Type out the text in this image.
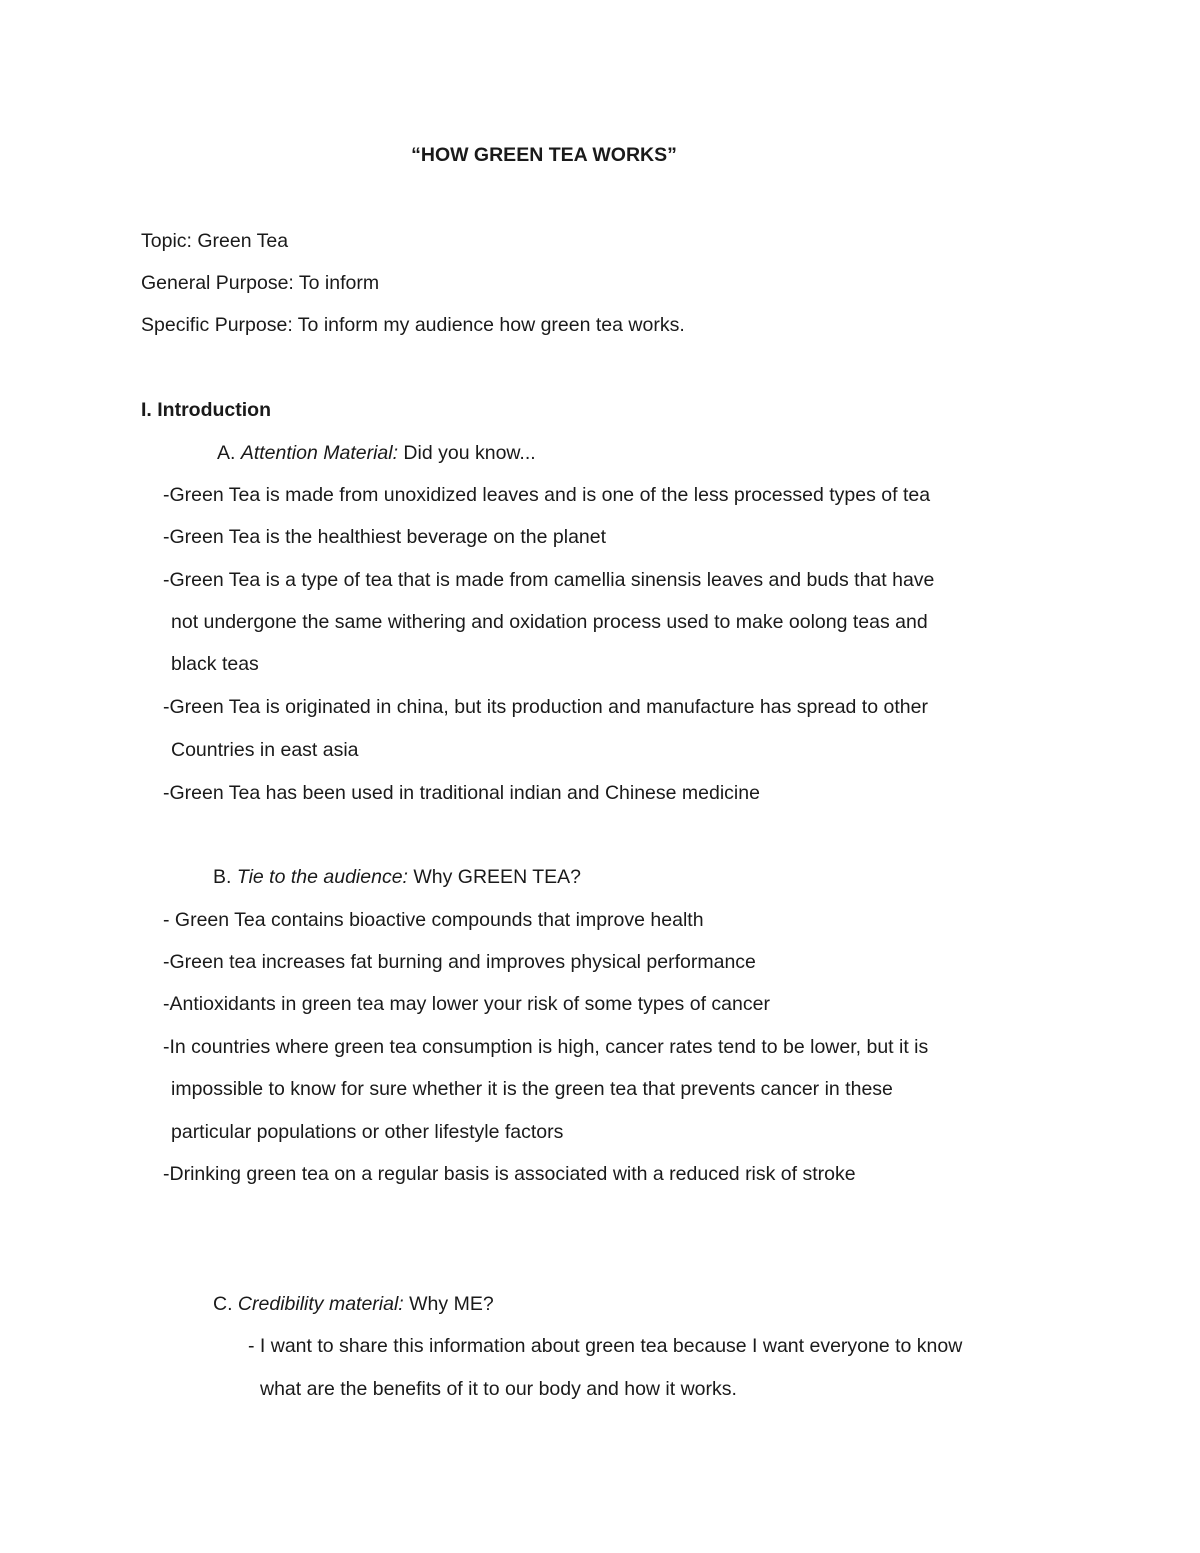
“HOW GREEN TEA WORKS”
Topic: Green Tea
General Purpose: To inform
Specific Purpose: To inform my audience how green tea works.
I. Introduction
A. Attention Material: Did you know...
-Green Tea is made from unoxidized leaves and is one of the less processed types of tea
-Green Tea is the healthiest beverage on the planet
-Green Tea is a type of tea that is made from camellia sinensis leaves and buds that have
not undergone the same withering and oxidation process used to make oolong teas and
black teas
-Green Tea is originated in china, but its production and manufacture has spread to other
Countries in east asia
-Green Tea has been used in traditional indian and Chinese medicine
B. Tie to the audience: Why GREEN TEA?
- Green Tea contains bioactive compounds that improve health
-Green tea increases fat burning and improves physical performance
-Antioxidants in green tea may lower your risk of some types of cancer
-In countries where green tea consumption is high, cancer rates tend to be lower, but it is
impossible to know for sure whether it is the green tea that prevents cancer in these
particular populations or other lifestyle factors
-Drinking green tea on a regular basis is associated with a reduced risk of stroke
C. Credibility material: Why ME?
- I want to share this information about green tea because I want everyone to know
what are the benefits of it to our body and how it works.
